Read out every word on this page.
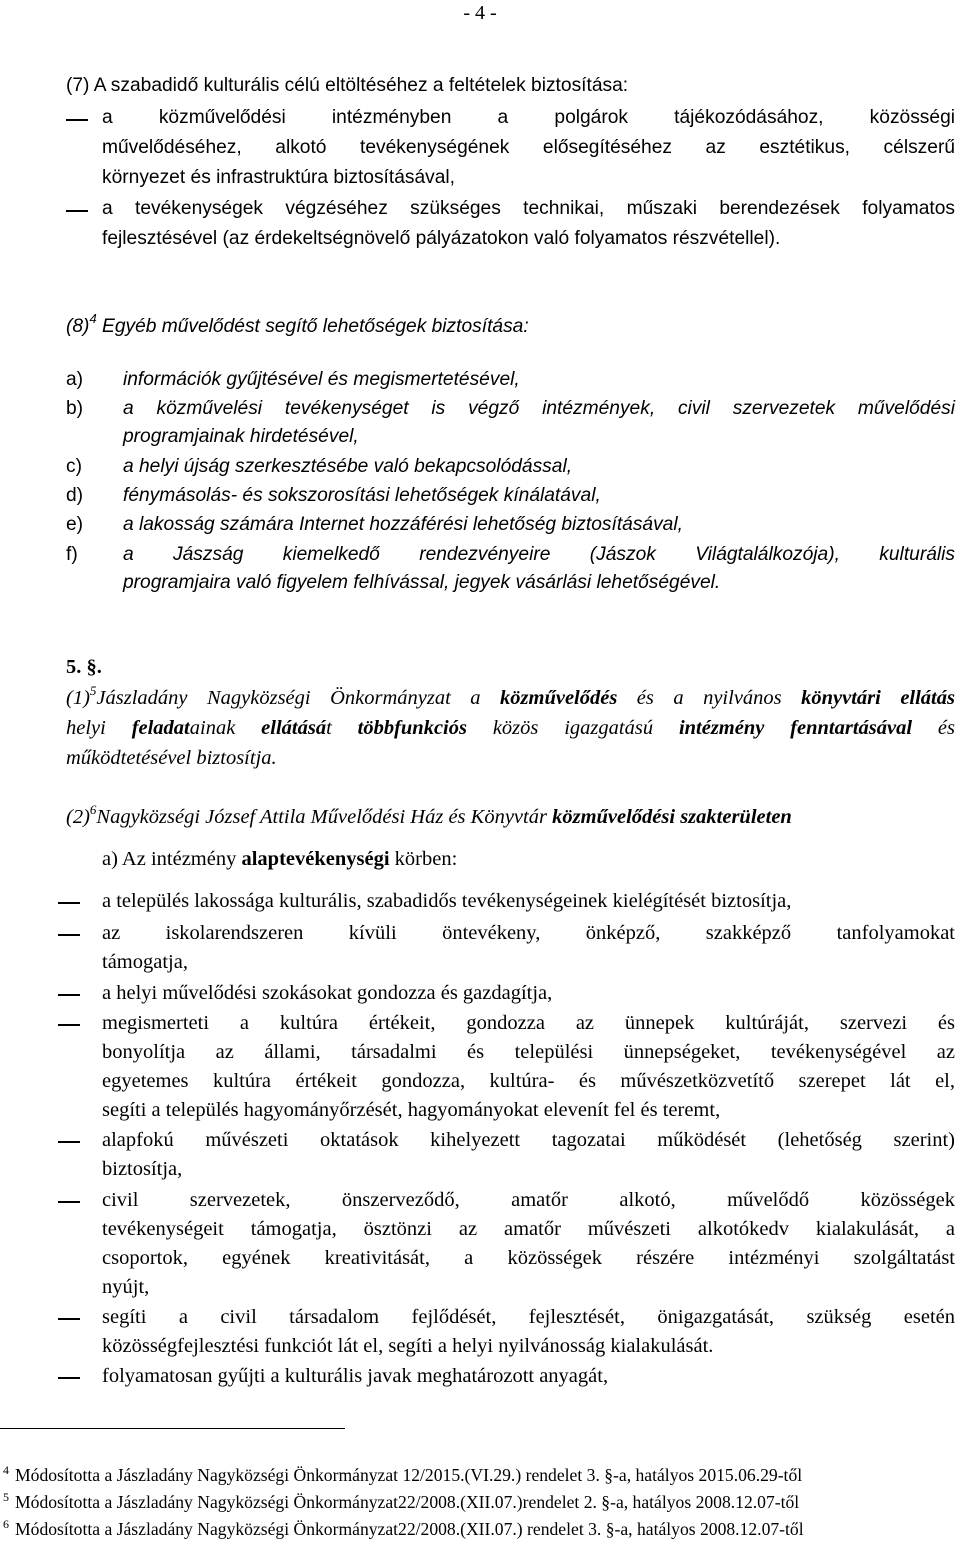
- 4 -
(7) A szabadidő kulturális célú eltöltéséhez a feltételek biztosítása:
a közművelődési intézményben a polgárok tájékozódásához, közösségi
művelődéséhez, alkotó tevékenységének elősegítéséhez az esztétikus, célszerű
környezet és infrastruktúra biztosításával,
a tevékenységek végzéséhez szükséges technikai, műszaki berendezések folyamatos
fejlesztésével (az érdekeltségnövelő pályázatokon való folyamatos részvétellel).
$(8)^4$ Egyéb művelődést segítő lehetőségek biztosítása:
a) információk gyűjtésével és megismertetésével,
b) a közművelési tevékenységet is végző intézmények, civil szervezetek művelődési
programjainak hirdetésével,
c) a helyi újság szerkesztésébe való bekapcsolódással,
d) fénymásolás- és sokszorosítási lehetőségek kínálatával,
e) a lakosság számára Internet hozzáférési lehetőség biztosításával,
f) a Jászság kiemelkedő rendezvényeire (Jászok Világtalálkozója), kulturális
programjaira való figyelem felhívással, jegyek vásárlási lehetőségével.
5. §.
$(1)^5Jászladány$ Nagyközségi Önkormányzat a közművelődés és a nyilvános könyvtári ellátás
helyi feladatainak ellátását többfunkciós közös igazgatású intézmény fenntartásával és
működtetésével biztosítja.
$(2)^6Nagyközségi$ József Attila Művelődési Ház és Könyvtár közművelődési szakterületen
a) Az intézmény alaptevékenységi körben:
a település lakossága kulturális, szabadidős tevékenységeinek kielégítését biztosítja,
az iskolarendszeren kívüli öntevékeny, önképző, szakképző tanfolyamokat
támogatja,
a helyi művelődési szokásokat gondozza és gazdagítja,
megismerteti a kultúra értékeit, gondozza az ünnepek kultúráját, szervezi és
bonyolítja az állami, társadalmi és települési ünnepségeket, tevékenységével az
egyetemes kultúra értékeit gondozza, kultúra- és művészetközvetítő szerepet lát el,
segíti a település hagyományőrzését, hagyományokat elevenít fel és teremt,
alapfokú művészeti oktatások kihelyezett tagozatai működését (lehetőség szerint)
biztosítja,
civil szervezetek, önszerveződő, amatőr alkotó, művelődő közösségek
tevékenységeit támogatja, ösztönzi az amatőr művészeti alkotókedv kialakulását, a
csoportok, egyének kreativitását, a közösségek részére intézményi szolgáltatást
nyújt,
segíti a civil társadalom fejlődését, fejlesztését, önigazgatását, szükség esetén
közösségfejlesztési funkciót lát el, segíti a helyi nyilvánosság kialakulását.
folyamatosan gyűjti a kulturális javak meghatározott anyagát,
$^4$ Módosította a Jászladány Nagyközségi Önkormányzat 12/2015.(VI.29.) rendelet 3. §-a, hatályos 2015.06.29-től
$^5$ Módosította a Jászladány Nagyközségi Önkormányzat22/2008.(XII.07.)rendelet 2. §-a, hatályos 2008.12.07-től
$^6$ Módosította a Jászladány Nagyközségi Önkormányzat22/2008.(XII.07.) rendelet 3. §-a, hatályos 2008.12.07-től
